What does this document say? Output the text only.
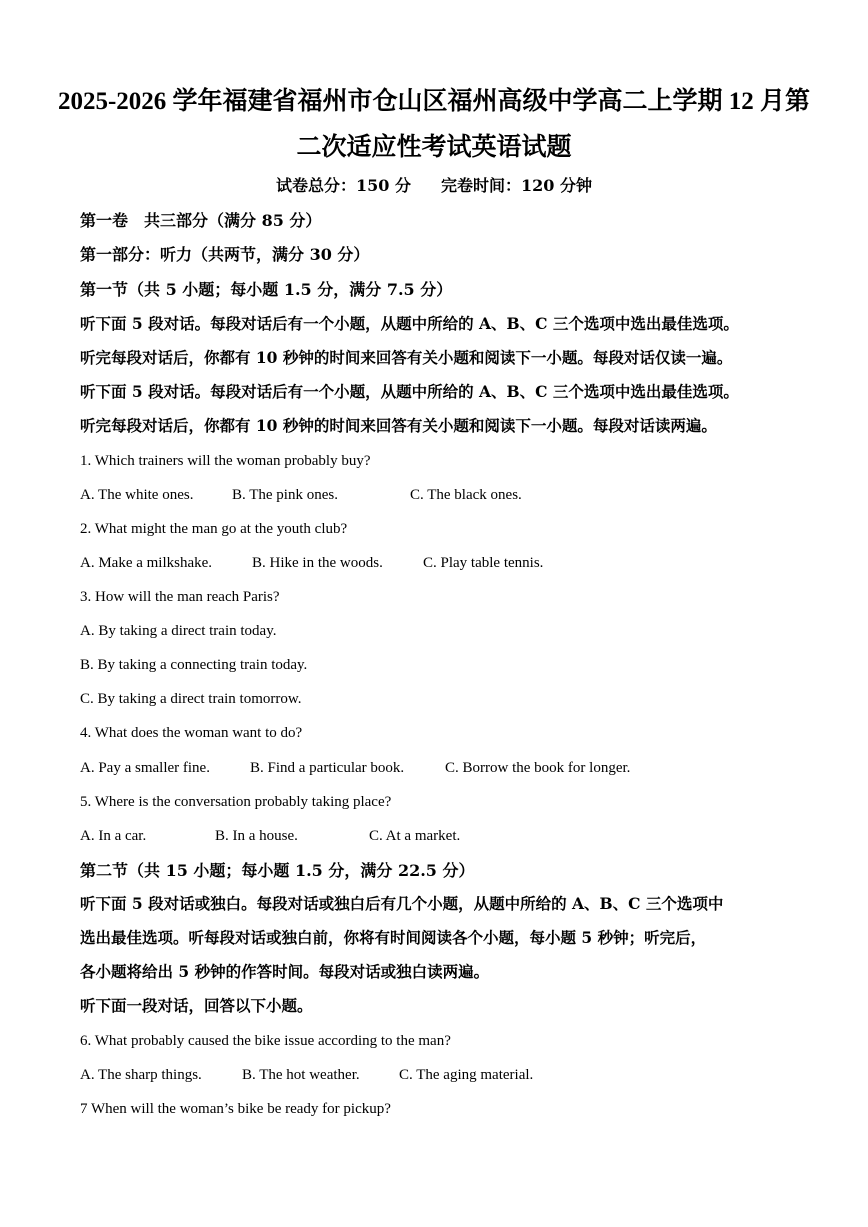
2025-2026 学年福建省福州市仓山区福州高级中学高二上学期 12 月第
二次适应性考试英语试题
试卷总分：150 分 完卷时间：120 分钟
第一卷　共三部分（满分 85 分）
第一部分：听力（共两节，满分 30 分）
第一节（共 5 小题；每小题 1.5 分，满分 7.5 分）
听下面 5 段对话。每段对话后有一个小题，从题中所给的 A、B、C 三个选项中选出最佳选项。
听完每段对话后，你都有 10 秒钟的时间来回答有关小题和阅读下一小题。每段对话仅读一遍。
听下面 5 段对话。每段对话后有一个小题，从题中所给的 A、B、C 三个选项中选出最佳选项。
听完每段对话后，你都有 10 秒钟的时间来回答有关小题和阅读下一小题。每段对话读两遍。
1. Which trainers will the woman probably buy?
A. The white ones.	B. The pink ones.	C. The black ones.
2. What might the man go at the youth club?
A. Make a milkshake.	B. Hike in the woods.	C. Play table tennis.
3. How will the man reach Paris?
A. By taking a direct train today.
B. By taking a connecting train today.
C. By taking a direct train tomorrow.
4. What does the woman want to do?
A. Pay a smaller fine.	B. Find a particular book.	C. Borrow the book for longer.
5. Where is the conversation probably taking place?
A. In a car.	B. In a house.	C. At a market.
第二节（共 15 小题；每小题 1.5 分，满分 22.5 分）
听下面 5 段对话或独白。每段对话或独白后有几个小题，从题中所给的 A、B、C 三个选项中
选出最佳选项。听每段对话或独白前，你将有时间阅读各个小题，每小题 5 秒钟；听完后，
各小题将给出 5 秒钟的作答时间。每段对话或独白读两遍。
听下面一段对话，回答以下小题。
6. What probably caused the bike issue according to the man?
A. The sharp things.	B. The hot weather.	C. The aging material.
7 When will the woman’s bike be ready for pickup?
